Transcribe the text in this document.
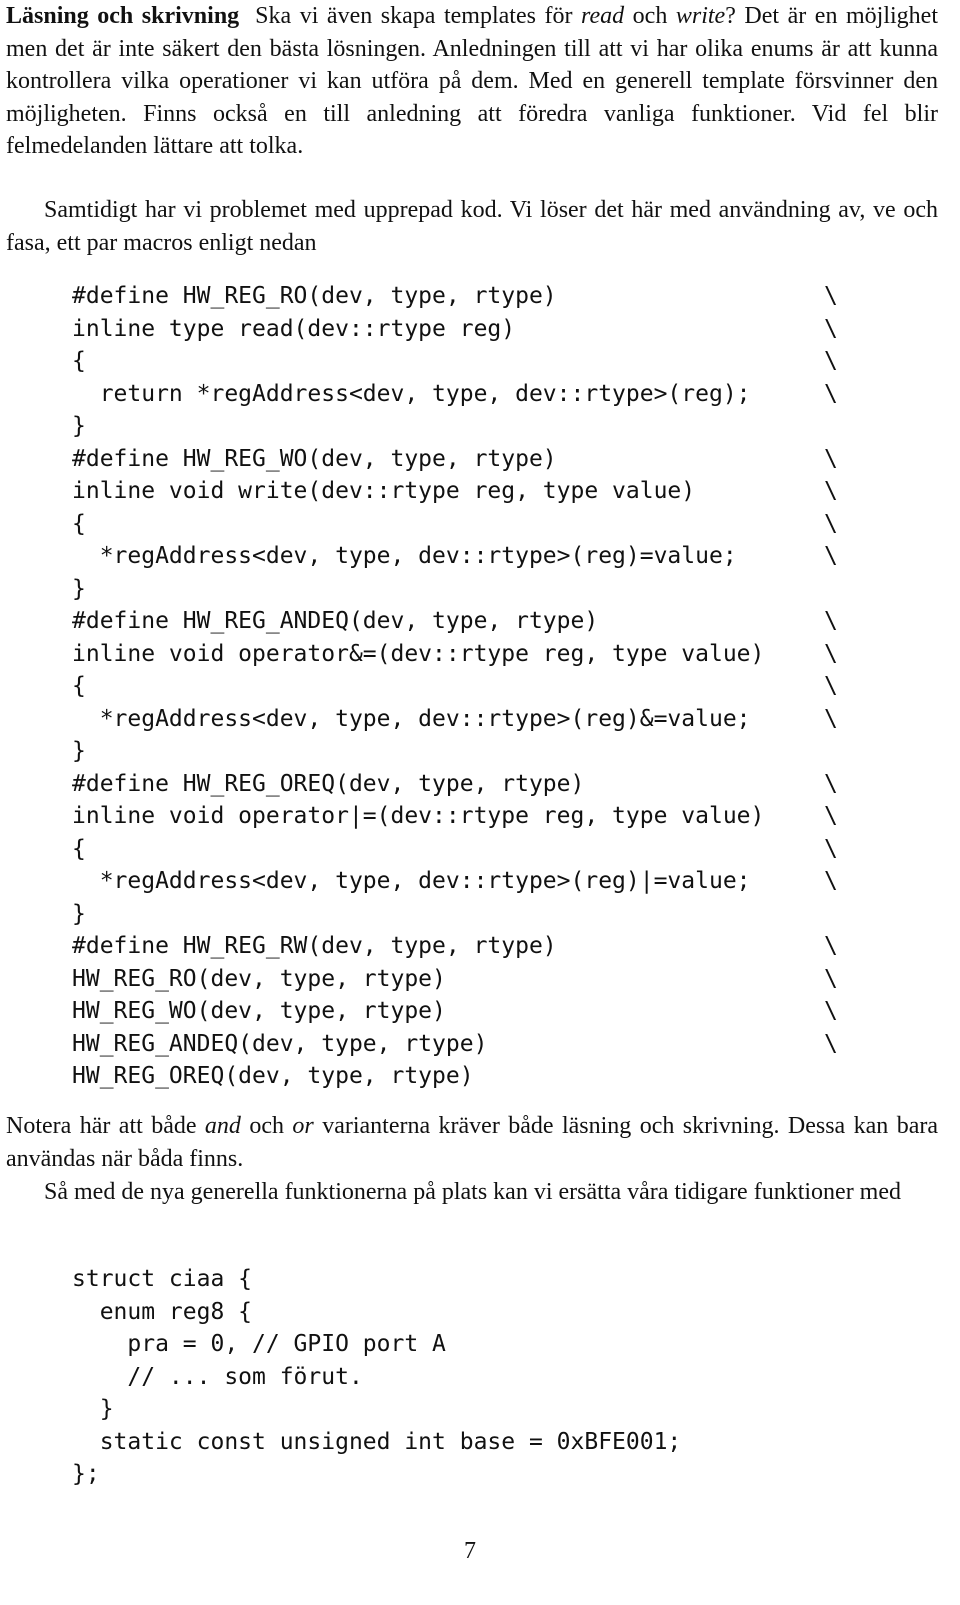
Läsning och skrivning Ska vi även skapa templates för read och write? Det är en möjlighet men det är inte säkert den bästa lösningen. Anledningen till att vi har olika enums är att kunna kontrollera vilka operationer vi kan utföra på dem. Med en generell template försvinner den möjligheten. Finns också en till anledning att föredra vanliga funktioner. Vid fel blir felmedelanden lättare att tolka.

Samtidigt har vi problemet med upprepad kod. Vi löser det här med användning av, ve och fasa, ett par macros enligt nedan

#define HW_REG_RO(dev, type, rtype)	\
inline type read(dev::rtype reg)	\
{	\
return *regAddress<dev, type, dev::rtype>(reg);	\
}
#define HW_REG_WO(dev, type, rtype)	\
inline void write(dev::rtype reg, type value)	\
{	\
*regAddress<dev, type, dev::rtype>(reg)=value;	\
}
#define HW_REG_ANDEQ(dev, type, rtype)	\
inline void operator&=(dev::rtype reg, type value)	\
{	\
*regAddress<dev, type, dev::rtype>(reg)&=value;	\
}
#define HW_REG_OREQ(dev, type, rtype)	\
inline void operator|=(dev::rtype reg, type value)	\
{	\
*regAddress<dev, type, dev::rtype>(reg)|=value;	\
}
#define HW_REG_RW(dev, type, rtype)	\
HW_REG_RO(dev, type, rtype)	\
HW_REG_WO(dev, type, rtype)	\
HW_REG_ANDEQ(dev, type, rtype)	\
HW_REG_OREQ(dev, type, rtype)

Notera här att både and och or varianterna kräver både läsning och skrivning. Dessa kan bara användas när båda finns.

Så med de nya generella funktionerna på plats kan vi ersätta våra tidigare funktioner med

struct ciaa {
enum reg8 {
pra = 0, // GPIO port A
// ... som förut.
}
static const unsigned int base = 0xBFE001;
};
7
